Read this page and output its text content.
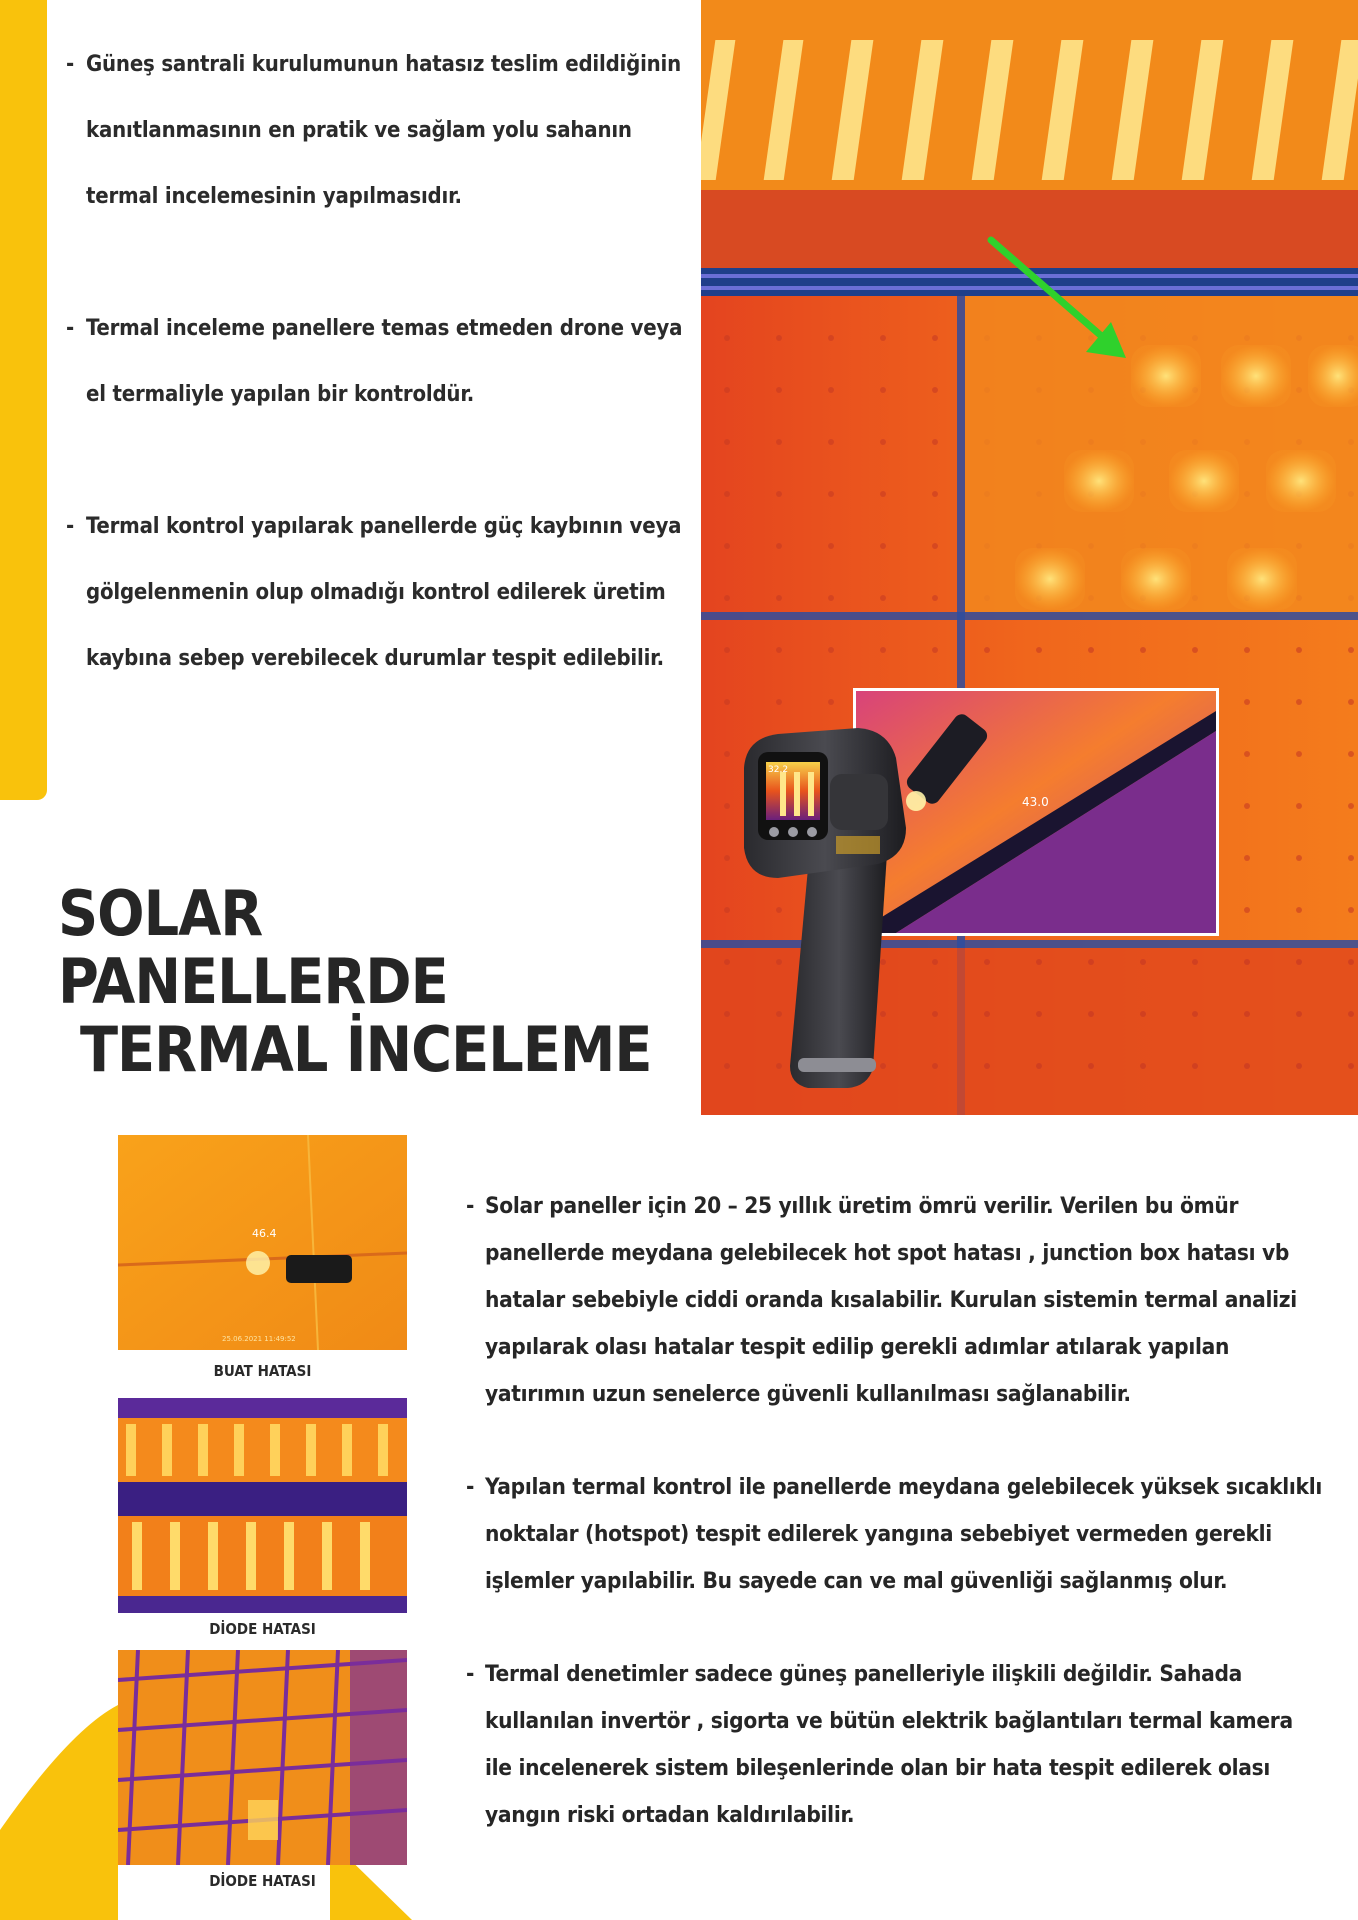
- Güneş santrali kurulumunun hatasız teslim edildiğinin kanıtlanmasının en pratik ve sağlam yolu sahanın termal incelemesinin yapılmasıdır.
- Termal inceleme panellere temas etmeden drone veya el termaliyle yapılan bir kontroldür.
- Termal kontrol yapılarak panellerde güç kaybının veya gölgelenmenin olup olmadığı kontrol edilerek üretim kaybına sebep verebilecek durumlar tespit edilebilir.
SOLAR PANELLERDE
TERMAL İNCELEME
43.0
32.2
46.4
25.06.2021 11:49:52
BUAT HATASI
DİODE HATASI
DİODE HATASI
- Solar paneller için 20 – 25 yıllık üretim ömrü verilir. Verilen bu ömür panellerde meydana gelebilecek hot spot hatası , junction box hatası vb hatalar sebebiyle ciddi oranda kısalabilir. Kurulan sistemin termal analizi yapılarak olası hatalar tespit edilip gerekli adımlar atılarak yapılan yatırımın uzun senelerce güvenli kullanılması sağlanabilir.
- Yapılan termal kontrol ile panellerde meydana gelebilecek yüksek sıcaklıklı noktalar (hotspot) tespit edilerek yangına sebebiyet vermeden gerekli işlemler yapılabilir. Bu sayede can ve mal güvenliği sağlanmış olur.
- Termal denetimler sadece güneş panelleriyle ilişkili değildir. Sahada kullanılan invertör , sigorta ve bütün elektrik bağlantıları termal kamera ile incelenerek sistem bileşenlerinde olan bir hata tespit edilerek olası yangın riski ortadan kaldırılabilir.
